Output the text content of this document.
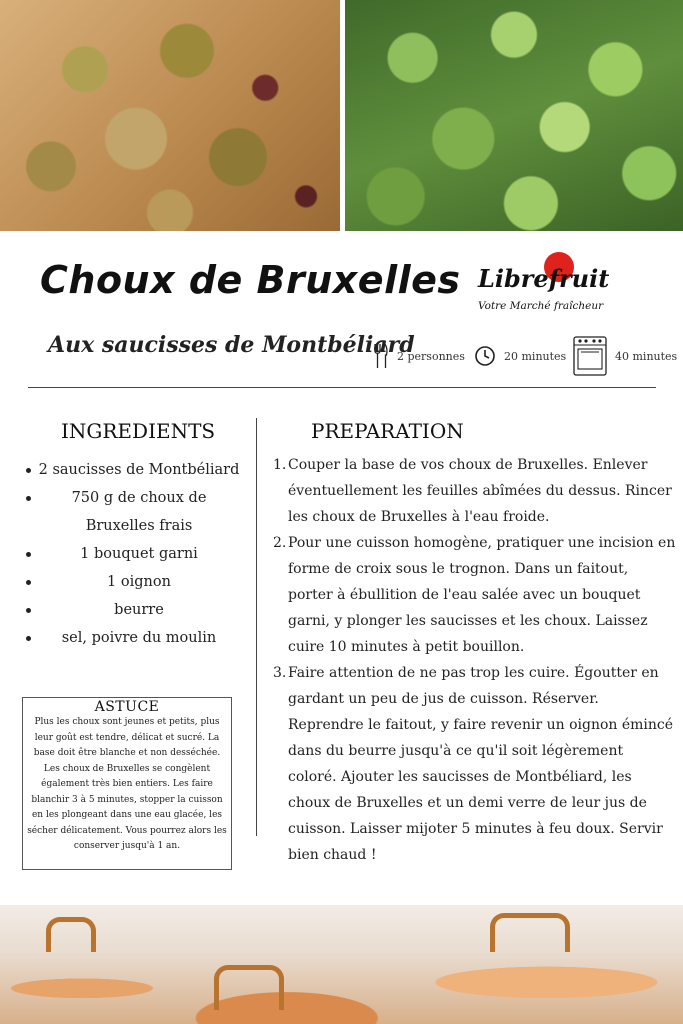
Choux de Bruxelles
Aux saucisses de Montbéliard
Librefruit
Votre Marché fraîcheur
2 personnes	20 minutes	40 minutes
INGREDIENTS
2 saucisses de Montbéliard
750 g de choux de Bruxelles frais
1 bouquet garni
1 oignon
beurre
sel, poivre du moulin
ASTUCE

Plus les choux sont jeunes et petits, plus leur goût est tendre, délicat et sucré. La base doit être blanche et non desséchée. Les choux de Bruxelles se congèlent également très bien entiers. Les faire blanchir 3 à 5 minutes, stopper la cuisson en les plongeant dans une eau glacée, les sécher délicatement. Vous pourrez alors les conserver jusqu'à 1 an.

PREPARATION
1. Couper la base de vos choux de Bruxelles. Enlever éventuellement les feuilles abîmées du dessus. Rincer les choux de Bruxelles à l'eau froide.
2. Pour une cuisson homogène, pratiquer une incision en forme de croix sous le trognon. Dans un faitout, porter à ébullition de l'eau salée avec un bouquet garni, y plonger les saucisses et les choux. Laissez cuire 10 minutes à petit bouillon.
3. Faire attention de ne pas trop les cuire. Égoutter en gardant un peu de jus de cuisson. Réserver. Reprendre le faitout, y faire revenir un oignon émincé dans du beurre jusqu'à ce qu'il soit légèrement coloré. Ajouter les saucisses de Montbéliard, les choux de Bruxelles et un demi verre de leur jus de cuisson. Laisser mijoter 5 minutes à feu doux. Servir bien chaud !
